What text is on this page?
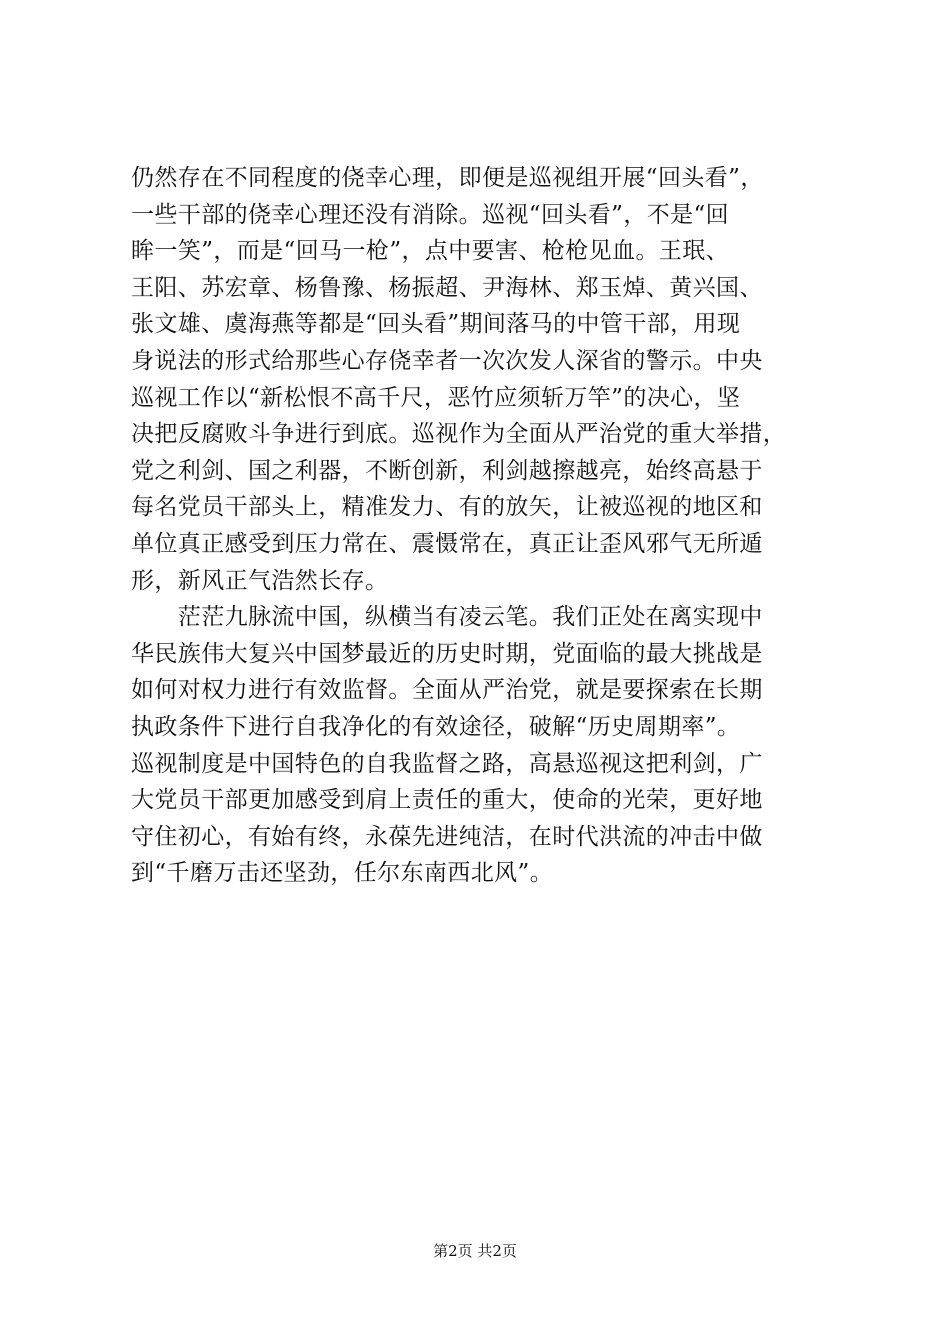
仍然存在不同程度的侥幸心理，即便是巡视组开展“回头看”，
一些干部的侥幸心理还没有消除。巡视“回头看”，不是“回
眸一笑”，而是“回马一枪”，点中要害、枪枪见血。王珉、
王阳、苏宏章、杨鲁豫、杨振超、尹海林、郑玉焯、黄兴国、
张文雄、虞海燕等都是“回头看”期间落马的中管干部，用现
身说法的形式给那些心存侥幸者一次次发人深省的警示。中央
巡视工作以“新松恨不高千尺，恶竹应须斩万竿”的决心，坚
决把反腐败斗争进行到底。巡视作为全面从严治党的重大举措，
党之利剑、国之利器，不断创新，利剑越擦越亮，始终高悬于
每名党员干部头上，精准发力、有的放矢，让被巡视的地区和
单位真正感受到压力常在、震慑常在，真正让歪风邪气无所遁
形，新风正气浩然长存。
　　茫茫九脉流中国，纵横当有凌云笔。我们正处在离实现中
华民族伟大复兴中国梦最近的历史时期，党面临的最大挑战是
如何对权力进行有效监督。全面从严治党，就是要探索在长期
执政条件下进行自我净化的有效途径，破解“历史周期率”。
巡视制度是中国特色的自我监督之路，高悬巡视这把利剑，广
大党员干部更加感受到肩上责任的重大，使命的光荣，更好地
守住初心，有始有终，永葆先进纯洁，在时代洪流的冲击中做
到“千磨万击还坚劲，任尔东南西北风”。
第2页 共2页
